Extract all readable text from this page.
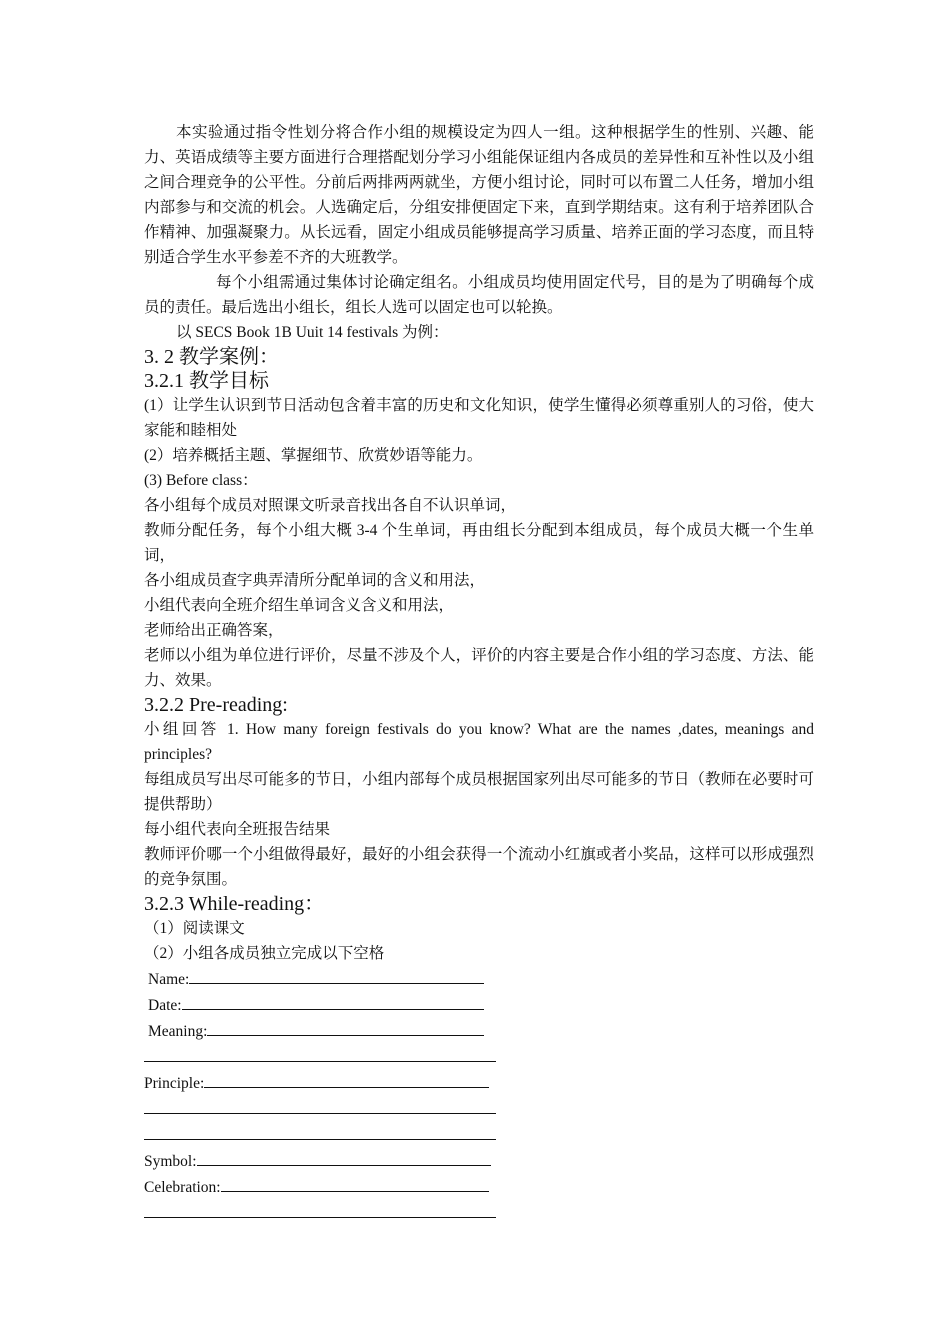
本实验通过指令性划分将合作小组的规模设定为四人一组。这种根据学生的性别、兴趣、能力、英语成绩等主要方面进行合理搭配划分学习小组能保证组内各成员的差异性和互补性以及小组之间合理竞争的公平性。分前后两排两两就坐，方便小组讨论，同时可以布置二人任务，增加小组内部参与和交流的机会。人选确定后，分组安排便固定下来，直到学期结束。这有利于培养团队合作精神、加强凝聚力。从长远看，固定小组成员能够提高学习质量、培养正面的学习态度，而且特别适合学生水平参差不齐的大班教学。

每个小组需通过集体讨论确定组名。小组成员均使用固定代号，目的是为了明确每个成员的责任。最后选出小组长，组长人选可以固定也可以轮换。

以 SECS Book 1B Uuit 14 festivals 为例：

3. 2 教学案例：
3.2.1 教学目标

(1）让学生认识到节日活动包含着丰富的历史和文化知识，使学生懂得必须尊重别人的习俗，使大家能和睦相处

(2）培养概括主题、掌握细节、欣赏妙语等能力。

(3) Before class：

各小组每个成员对照课文听录音找出各自不认识单词，

教师分配任务，每个小组大概 3-4 个生单词，再由组长分配到本组成员，每个成员大概一个生单词，

各小组成员查字典弄清所分配单词的含义和用法，

小组代表向全班介绍生单词含义含义和用法，

老师给出正确答案，

老师以小组为单位进行评价，尽量不涉及个人，评价的内容主要是合作小组的学习态度、方法、能力、效果。

3.2.2 Pre-reading:

小组回答 1. How many foreign festivals do you know? What are the names ,dates, meanings and principles?

每组成员写出尽可能多的节日，小组内部每个成员根据国家列出尽可能多的节日（教师在必要时可提供帮助）

每小组代表向全班报告结果

教师评价哪一个小组做得最好，最好的小组会获得一个流动小红旗或者小奖品，这样可以形成强烈的竞争氛围。

3.2.3 While-reading：

（1）阅读课文

（2）小组各成员独立完成以下空格

Name:
Date:
Meaning:
Principle:
Symbol:
Celebration:
